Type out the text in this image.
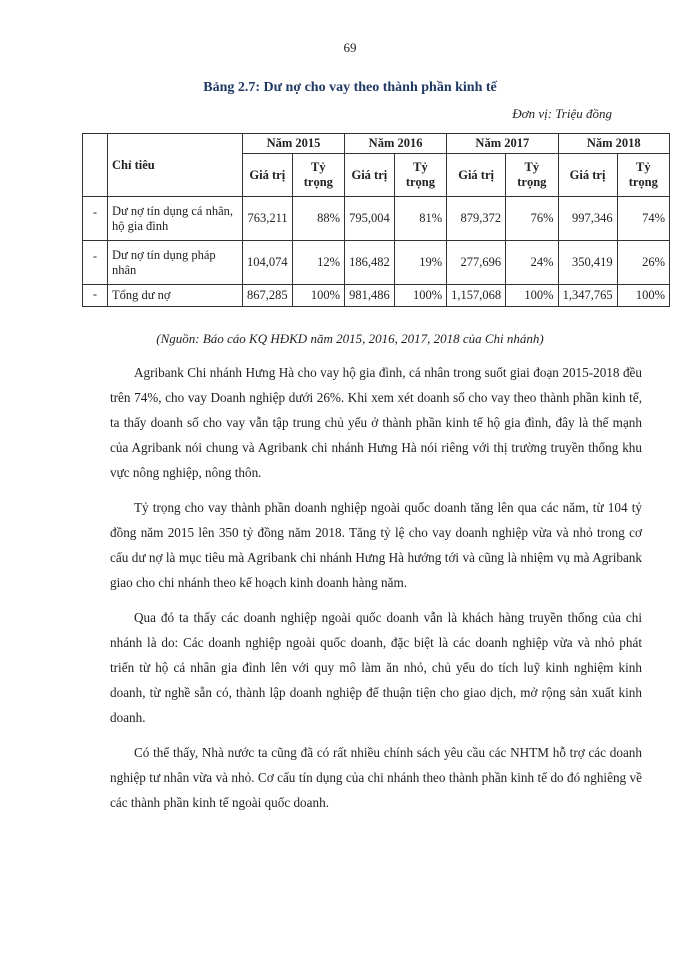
69
Bảng 2.7: Dư nợ cho vay theo thành phần kinh tế
Đơn vị: Triệu đồng
	Chỉ tiêu	Năm 2015		Năm 2016		Năm 2017		Năm 2018	
		Giá trị	Tỷ trọng	Giá trị	Tỷ trọng	Giá trị	Tỷ trọng	Giá trị	Tỷ trọng
-	Dư nợ tín dụng cá nhân, hộ gia đình	763,211	88%	795,004	81%	879,372	76%	997,346	74%
-	Dư nợ tín dụng pháp nhân	104,074	12%	186,482	19%	277,696	24%	350,419	26%
-	Tổng dư nợ	867,285	100%	981,486	100%	1,157,068	100%	1,347,765	100%
(Nguồn: Báo cáo KQ HĐKD năm 2015, 2016, 2017, 2018 của Chi nhánh)

Agribank Chi nhánh Hưng Hà cho vay hộ gia đình, cá nhân trong suốt giai đoạn 2015-2018 đều trên 74%, cho vay Doanh nghiệp dưới 26%. Khi xem xét doanh số cho vay theo thành phần kinh tế, ta thấy doanh số cho vay vẫn tập trung chủ yếu ở thành phần kinh tế hộ gia đình, đây là thế mạnh của Agribank nói chung và Agribank chi nhánh Hưng Hà nói riêng với thị trường truyền thống khu vực nông nghiệp, nông thôn.

Tỷ trọng cho vay thành phần doanh nghiệp ngoài quốc doanh tăng lên qua các năm, từ 104 tỷ đồng năm 2015 lên 350 tỷ đồng năm 2018. Tăng tỷ lệ cho vay doanh nghiệp vừa và nhỏ trong cơ cấu dư nợ là mục tiêu mà Agribank chi nhánh Hưng Hà hướng tới và cũng là nhiệm vụ mà Agribank giao cho chi nhánh theo kế hoạch kinh doanh hàng năm.

Qua đó ta thấy các doanh nghiệp ngoài quốc doanh vẫn là khách hàng truyền thống của chi nhánh là do: Các doanh nghiệp ngoài quốc doanh, đặc biệt là các doanh nghiệp vừa và nhỏ phát triển từ hộ cá nhân gia đình lên với quy mô làm ăn nhỏ, chủ yếu do tích luỹ kinh nghiệm kinh doanh, từ nghề sẵn có, thành lập doanh nghiệp để thuận tiện cho giao dịch, mở rộng sản xuất kinh doanh.

Có thể thấy, Nhà nước ta cũng đã có rất nhiều chính sách yêu cầu các NHTM hỗ trợ các doanh nghiệp tư nhân vừa và nhỏ. Cơ cấu tín dụng của chi nhánh theo thành phần kinh tế do đó nghiêng về các thành phần kinh tế ngoài quốc doanh.
